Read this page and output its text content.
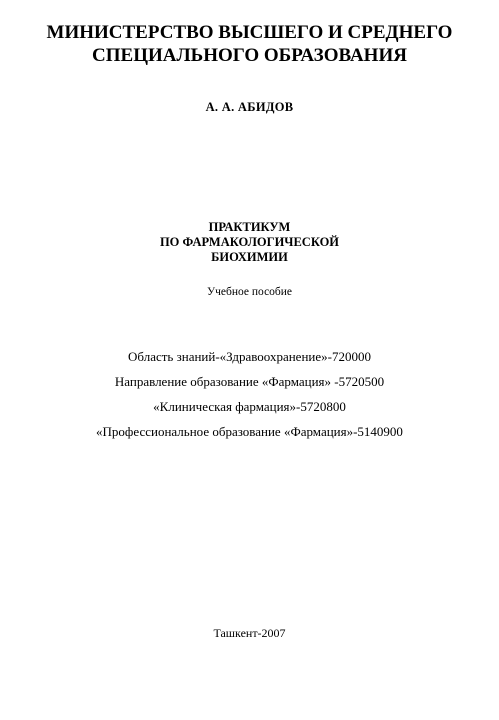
МИНИСТЕРСТВО ВЫСШЕГО И СРЕДНЕГО
СПЕЦИАЛЬНОГО ОБРАЗОВАНИЯ
А. А. АБИДОВ
ПРАКТИКУМ
ПО ФАРМАКОЛОГИЧЕСКОЙ
БИОХИМИИ
Учебное пособие
Область знаний-«Здравоохранение»-720000
Направление образование «Фармация» -5720500
«Клиническая фармация»-5720800
«Профессиональное образование «Фармация»-5140900
Ташкент-2007
